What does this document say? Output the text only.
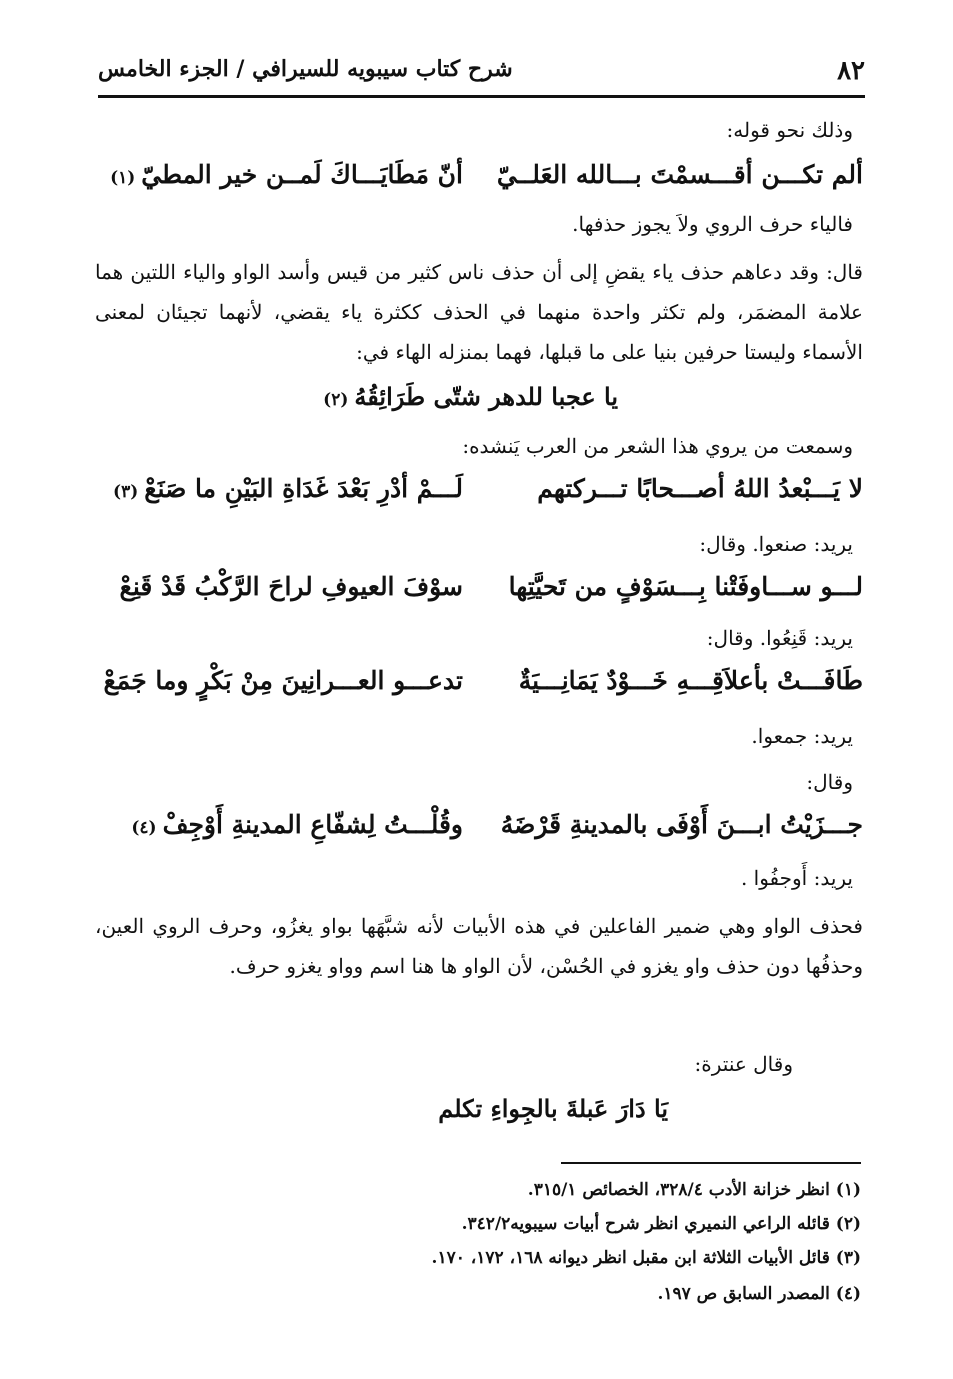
٨٢
شرح كتاب سيبويه للسيرافي / الجزء الخامس
وذلك نحو قوله:
ألم تكـــن أقـــسمْتَ بـــالله العَلــيّ
أنّ مَطَايَـــاكَ لَمــن خير المطيّ(١)
فالياء حرف الروي ولاَ يجوز حذفها.
قال: وقد دعاهم حذف ياء يقضِ إلى أن حذف ناس كثير من قيس وأسد الواو والياء اللتين هما علامة المضمَر، ولم تكثر واحدة منهما في الحذف ككثرة ياء يقضي، لأنهما تجيئان لمعنى الأسماء وليستا حرفين بنيا على ما قبلها، فهما بمنزله الهاء في:
يا عجبا للدهر شتّى طَرَائِقُهُ(٢)
وسمعت من يروي هذا الشعر من العرب يَنشده:
لا يَـــبْعدُ اللهُ أصـــحابًا تـــركتهم
لَـــمْ أدْرِ بَعْدَ غَدَاةِ البَيْنِ ما صَنَعْ(٣)
يريد: صنعوا. وقال:
لـــو ســـاوفَتْنا بِـــسَوْفٍ من تَحيَّتِها
سوْفَ العيوفِ لراحَ الرَّكْبُ قَدْ قَنِعْ
يريد: قَنِعُوا. وقال:
طَافَـــتْ بأعلاَقِـــهِ خَـــوْدٌ يَمَانِـــيَةٌ
تدعـــو العـــرانِينَ مِنْ بَكْرٍ وما جَمَعْ
يريد: جمعوا.
وقال:
جـــزَيْتُ ابـــنَ أَوْفَى بالمدينةِ قَرْضَهُ
وقُلْـــتُ لِشفّاعِ المدينةِ أَوْجِفْ(٤)
يريد: أَوجفُوا .
فحذف الواو وهي ضمير الفاعلين في هذه الأبيات لأنه شبَّهَها بواو يغزُو، وحرف الروي العين، وحذفُها دون حذف واو يغزو في الحُسْن، لأن الواو ها هنا اسم وواو يغزو حرف.
وقال عنترة:
يَا دَارَ عَبلةَ بالجِواءِ تكلم
(١) انظر خزانة الأدب ٣٢٨/٤، الخصائص ٣١٥/١.
(٢) قائله الراعي النميري انظر شرح أبيات سيبويه٣٤٢/٢.
(٣) قائل الأبيات الثلاثة ابن مقبل انظر ديوانه ١٦٨، ١٧٢، ١٧٠.
(٤) المصدر السابق ص ١٩٧.
